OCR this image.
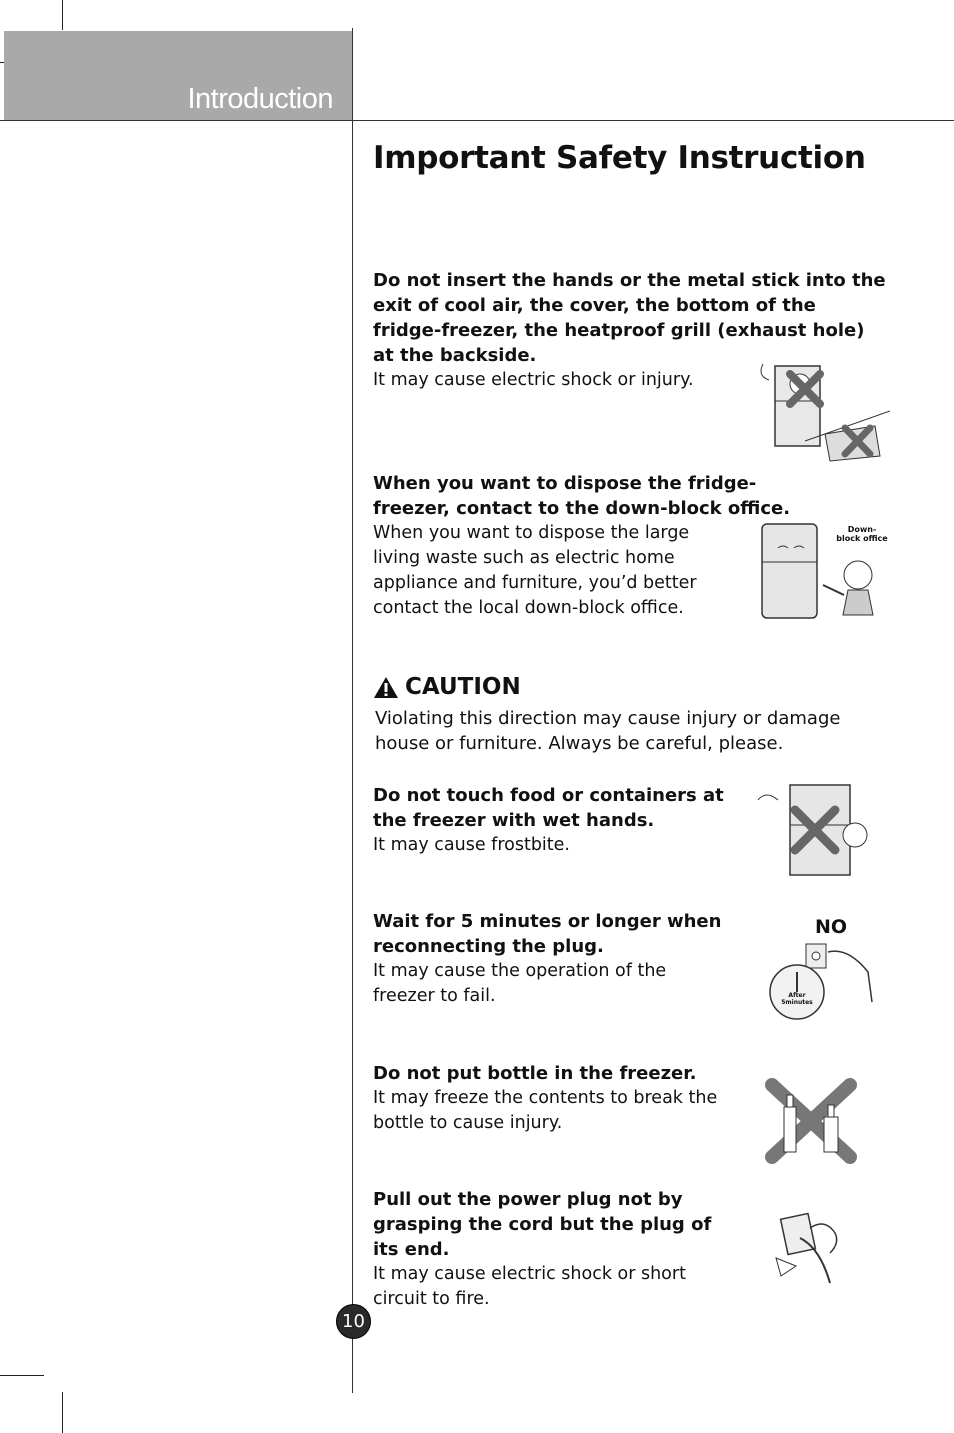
Introduction
Important Safety Instruction
Do not insert the hands or the metal stick into the exit of cool air, the cover, the bottom of the fridge-freezer, the heatproof grill (exhaust hole) at the backside.
It may cause electric shock or injury.
When you want to dispose the fridge-freezer, contact to the down-block office.
When you want to dispose the large living waste such as electric home appliance and furniture, you’d better contact the local down-block office.
Down-block office
CAUTION
Violating this direction may cause injury or damage house or furniture. Always be careful, please.
Do not touch food or containers at the freezer with wet hands.
It may cause frostbite.
Wait for 5 minutes or longer when reconnecting the plug.
It may cause the operation of the freezer to fail.
NO
After 5minutes
Do not put bottle in the freezer.
It may freeze the contents to break the bottle to cause injury.
Pull out the power plug not by grasping the cord but the plug of its end.
It may cause electric shock or short circuit to fire.
10
